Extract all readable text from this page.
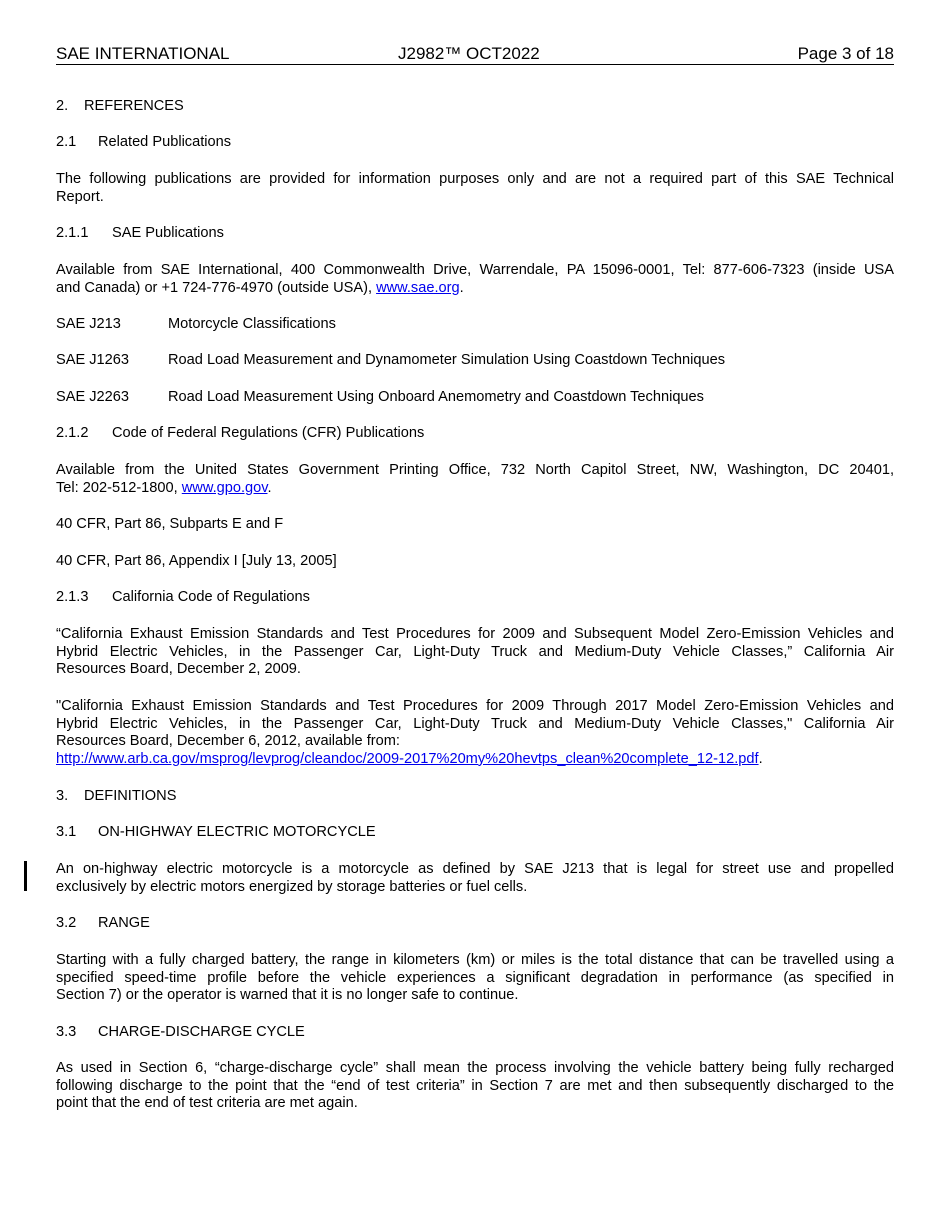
SAE INTERNATIONAL	J2982™ OCT2022	Page 3 of 18
2. REFERENCES
2.1 Related Publications
The following publications are provided for information purposes only and are not a required part of this SAE Technical
Report.
2.1.1 SAE Publications
Available from SAE International, 400 Commonwealth Drive, Warrendale, PA 15096-0001, Tel: 877-606-7323 (inside USA
and Canada) or +1 724-776-4970 (outside USA), www.sae.org.
SAE J213	Motorcycle Classifications
SAE J1263	Road Load Measurement and Dynamometer Simulation Using Coastdown Techniques
SAE J2263	Road Load Measurement Using Onboard Anemometry and Coastdown Techniques
2.1.2 Code of Federal Regulations (CFR) Publications
Available from the United States Government Printing Office, 732 North Capitol Street, NW, Washington, DC 20401,
Tel: 202-512-1800, www.gpo.gov.
40 CFR, Part 86, Subparts E and F
40 CFR, Part 86, Appendix I [July 13, 2005]
2.1.3 California Code of Regulations
“California Exhaust Emission Standards and Test Procedures for 2009 and Subsequent Model Zero-Emission Vehicles and
Hybrid Electric Vehicles, in the Passenger Car, Light-Duty Truck and Medium-Duty Vehicle Classes,” California Air
Resources Board, December 2, 2009.
"California Exhaust Emission Standards and Test Procedures for 2009 Through 2017 Model Zero-Emission Vehicles and
Hybrid Electric Vehicles, in the Passenger Car, Light-Duty Truck and Medium-Duty Vehicle Classes," California Air
Resources Board, December 6, 2012, available from:
http://www.arb.ca.gov/msprog/levprog/cleandoc/2009-2017%20my%20hevtps_clean%20complete_12-12.pdf.
3. DEFINITIONS
3.1 ON-HIGHWAY ELECTRIC MOTORCYCLE
An on-highway electric motorcycle is a motorcycle as defined by SAE J213 that is legal for street use and propelled
exclusively by electric motors energized by storage batteries or fuel cells.
3.2 RANGE
Starting with a fully charged battery, the range in kilometers (km) or miles is the total distance that can be travelled using a
specified speed-time profile before the vehicle experiences a significant degradation in performance (as specified in
Section 7) or the operator is warned that it is no longer safe to continue.
3.3 CHARGE-DISCHARGE CYCLE
As used in Section 6, “charge-discharge cycle” shall mean the process involving the vehicle battery being fully recharged
following discharge to the point that the “end of test criteria” in Section 7 are met and then subsequently discharged to the
point that the end of test criteria are met again.
